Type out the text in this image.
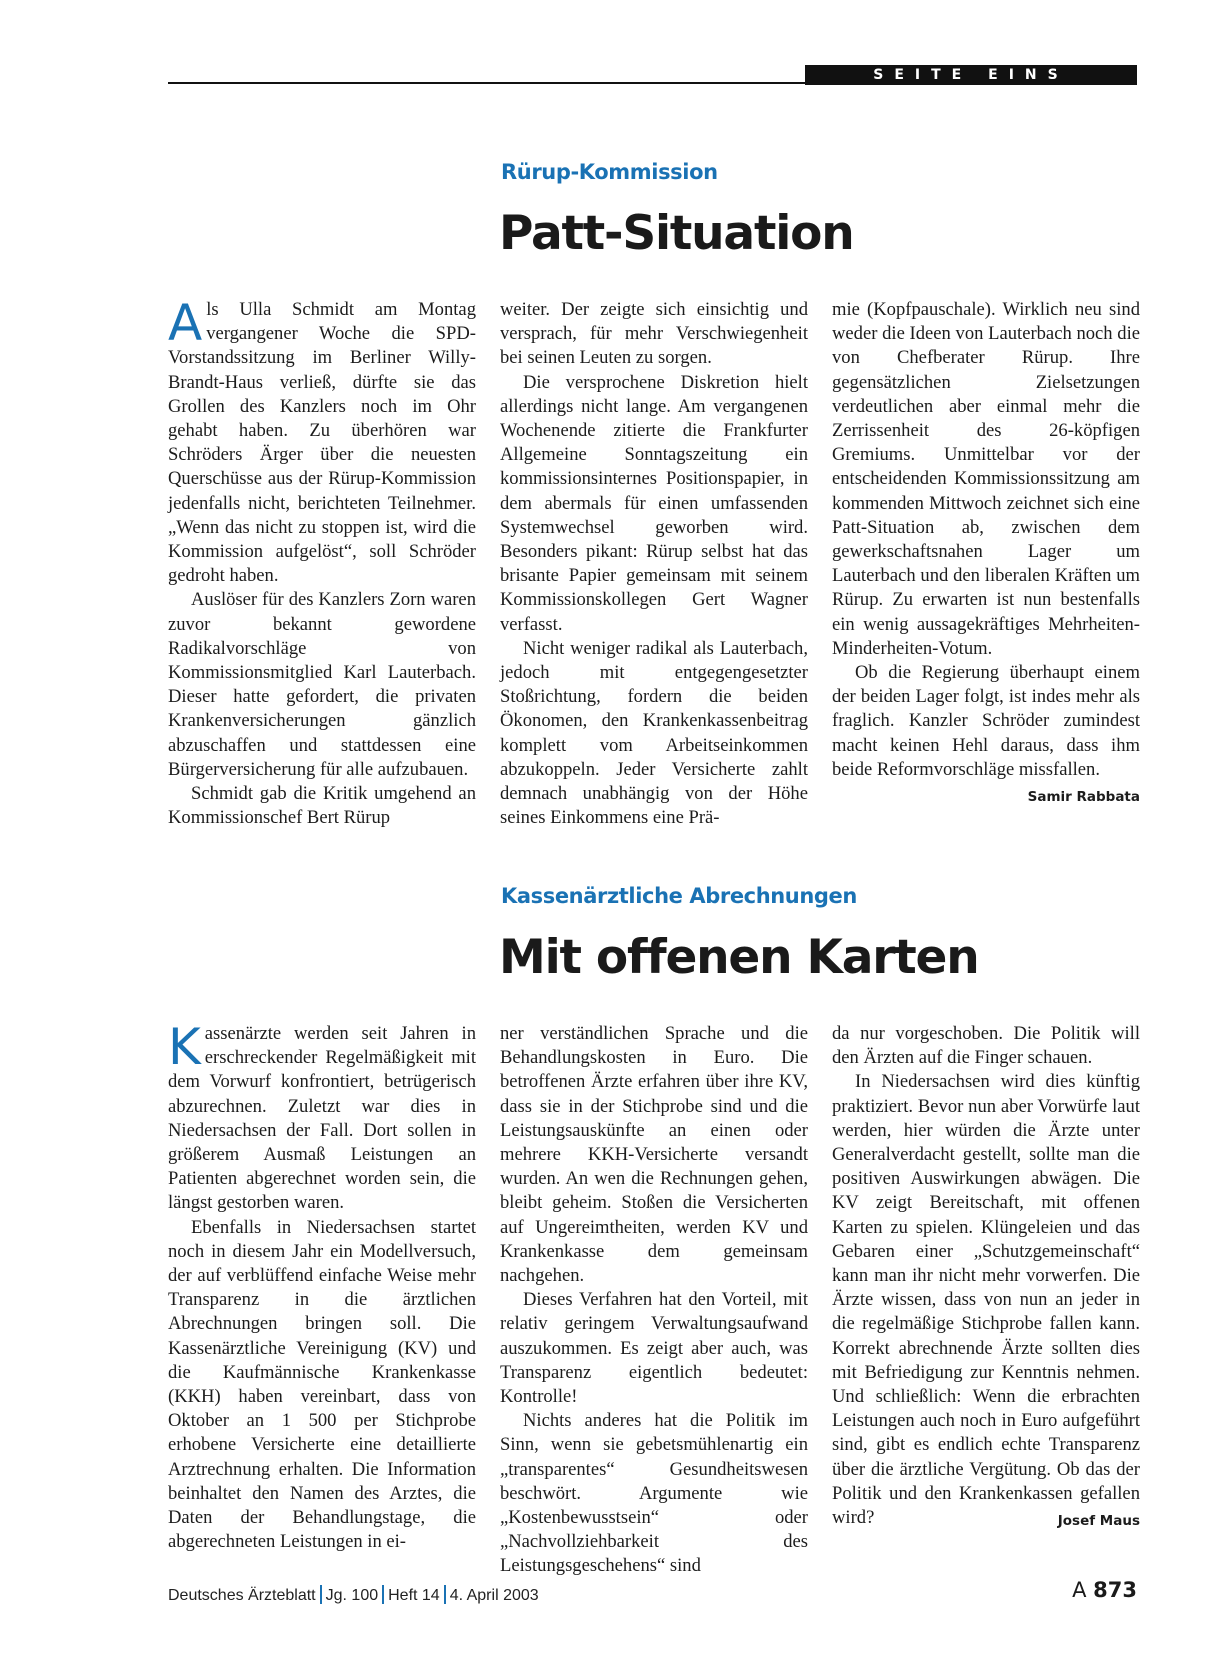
SEITE EINS
Rürup-Kommission
Patt-Situation

Als Ulla Schmidt am Montag vergangener Woche die SPD-Vorstandssitzung im Berliner Willy-Brandt-Haus verließ, dürfte sie das Grollen des Kanzlers noch im Ohr gehabt haben. Zu überhören war Schröders Ärger über die neuesten Querschüsse aus der Rürup-Kommission jedenfalls nicht, berichteten Teilnehmer. „Wenn das nicht zu stoppen ist, wird die Kommission aufgelöst“, soll Schröder gedroht haben.

Auslöser für des Kanzlers Zorn waren zuvor bekannt gewordene Radikalvorschläge von Kommissionsmitglied Karl Lauterbach. Dieser hatte gefordert, die privaten Krankenversicherungen gänzlich abzuschaffen und stattdessen eine Bürgerversicherung für alle aufzubauen.

Schmidt gab die Kritik umgehend an Kommissionschef Bert Rürup

weiter. Der zeigte sich einsichtig und versprach, für mehr Verschwiegenheit bei seinen Leuten zu sorgen.

Die versprochene Diskretion hielt allerdings nicht lange. Am vergangenen Wochenende zitierte die Frankfurter Allgemeine Sonntagszeitung ein kommissionsinternes Positionspapier, in dem abermals für einen umfassenden Systemwechsel geworben wird. Besonders pikant: Rürup selbst hat das brisante Papier gemeinsam mit seinem Kommissionskollegen Gert Wagner verfasst.

Nicht weniger radikal als Lauterbach, jedoch mit entgegengesetzter Stoßrichtung, fordern die beiden Ökonomen, den Krankenkassenbeitrag komplett vom Arbeitseinkommen abzukoppeln. Jeder Versicherte zahlt demnach unabhängig von der Höhe seines Einkommens eine Prä-

mie (Kopfpauschale). Wirklich neu sind weder die Ideen von Lauterbach noch die von Chefberater Rürup. Ihre gegensätzlichen Zielsetzungen verdeutlichen aber einmal mehr die Zerrissenheit des 26-köpfigen Gremiums. Unmittelbar vor der entscheidenden Kommissionssitzung am kommenden Mittwoch zeichnet sich eine Patt-Situation ab, zwischen dem gewerkschaftsnahen Lager um Lauterbach und den liberalen Kräften um Rürup. Zu erwarten ist nun bestenfalls ein wenig aussagekräftiges Mehrheiten-Minderheiten-Votum.

Ob die Regierung überhaupt einem der beiden Lager folgt, ist indes mehr als fraglich. Kanzler Schröder zumindest macht keinen Hehl daraus, dass ihm beide Reformvorschläge missfallen.
Samir Rabbata

Kassenärztliche Abrechnungen
Mit offenen Karten

Kassenärzte werden seit Jahren in erschreckender Regelmäßigkeit mit dem Vorwurf konfrontiert, betrügerisch abzurechnen. Zuletzt war dies in Niedersachsen der Fall. Dort sollen in größerem Ausmaß Leistungen an Patienten abgerechnet worden sein, die längst gestorben waren.

Ebenfalls in Niedersachsen startet noch in diesem Jahr ein Modellversuch, der auf verblüffend einfache Weise mehr Transparenz in die ärztlichen Abrechnungen bringen soll. Die Kassenärztliche Vereinigung (KV) und die Kaufmännische Krankenkasse (KKH) haben vereinbart, dass von Oktober an 1 500 per Stichprobe erhobene Versicherte eine detaillierte Arztrechnung erhalten. Die Information beinhaltet den Namen des Arztes, die Daten der Behandlungstage, die abgerechneten Leistungen in ei-

ner verständlichen Sprache und die Behandlungskosten in Euro. Die betroffenen Ärzte erfahren über ihre KV, dass sie in der Stichprobe sind und die Leistungsauskünfte an einen oder mehrere KKH-Versicherte versandt wurden. An wen die Rechnungen gehen, bleibt geheim. Stoßen die Versicherten auf Ungereimtheiten, werden KV und Krankenkasse dem gemeinsam nachgehen.

Dieses Verfahren hat den Vorteil, mit relativ geringem Verwaltungsaufwand auszukommen. Es zeigt aber auch, was Transparenz eigentlich bedeutet: Kontrolle!

Nichts anderes hat die Politik im Sinn, wenn sie gebetsmühlenartig ein „transparentes“ Gesundheitswesen beschwört. Argumente wie „Kostenbewusstsein“ oder „Nachvollziehbarkeit des Leistungsgeschehens“ sind

da nur vorgeschoben. Die Politik will den Ärzten auf die Finger schauen.

In Niedersachsen wird dies künftig praktiziert. Bevor nun aber Vorwürfe laut werden, hier würden die Ärzte unter Generalverdacht gestellt, sollte man die positiven Auswirkungen abwägen. Die KV zeigt Bereitschaft, mit offenen Karten zu spielen. Klüngeleien und das Gebaren einer „Schutzgemeinschaft“ kann man ihr nicht mehr vorwerfen. Die Ärzte wissen, dass von nun an jeder in die regelmäßige Stichprobe fallen kann. Korrekt abrechnende Ärzte sollten dies mit Befriedigung zur Kenntnis nehmen. Und schließlich: Wenn die erbrachten Leistungen auch noch in Euro aufgeführt sind, gibt es endlich echte Transparenz über die ärztliche Vergütung. Ob das der Politik und den Krankenkassen gefallen wird?	Josef Maus

Deutsches Ärzteblatt Jg. 100 Heft 14 4. April 2003	A 873
